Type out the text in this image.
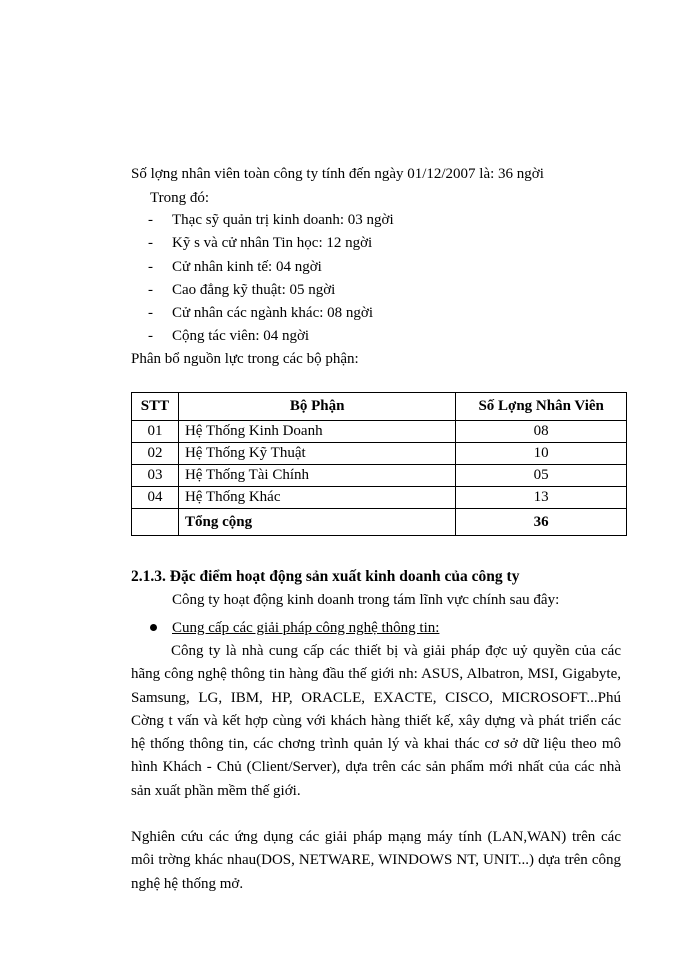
Số lợng nhân viên toàn công ty tính đến ngày 01/12/2007 là: 36 ngời
Trong đó:
- Thạc sỹ quản trị kinh doanh: 03 ngời
- Kỹ s và cử nhân Tin học: 12 ngời
- Cử nhân kinh tế: 04 ngời
- Cao đẳng kỹ thuật: 05 ngời
- Cử nhân các ngành khác: 08 ngời
- Cộng tác viên: 04 ngời
Phân bổ nguồn lực trong các bộ phận:
STT	Bộ Phận	Số Lợng Nhân Viên
01	Hệ Thống Kinh Doanh	08
02	Hệ Thống Kỹ Thuật	10
03	Hệ Thống Tài Chính	05
04	Hệ Thống Khác	13
	Tổng cộng	36
2.1.3. Đặc điểm hoạt động sản xuất kinh doanh của công ty
Công ty hoạt động kinh doanh trong tám lĩnh vực chính sau đây:
Cung cấp các giải pháp công nghệ thông tin:
Công ty là nhà cung cấp các thiết bị và giải pháp đợc uỷ quyền của các hãng công nghệ thông tin hàng đầu thế giới nh: ASUS, Albatron, MSI, Gigabyte, Samsung, LG, IBM, HP, ORACLE, EXACTE, CISCO, MICROSOFT...Phú Cờng t vấn và kết hợp cùng với khách hàng thiết kế, xây dựng và phát triển các hệ thống thông tin, các chơng trình quản lý và khai thác cơ sở dữ liệu theo mô hình Khách - Chủ (Client/Server), dựa trên các sản phẩm mới nhất của các nhà sản xuất phần mềm thế giới.
Nghiên cứu các ứng dụng các giải pháp mạng máy tính (LAN,WAN) trên các môi trờng khác nhau(DOS, NETWARE, WINDOWS NT, UNIT...) dựa trên công nghệ hệ thống mở.
